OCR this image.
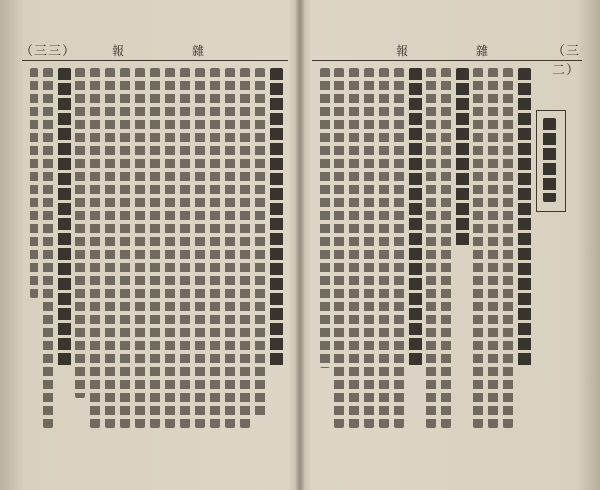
（三三）	報　雜	（三二）
報　雜
